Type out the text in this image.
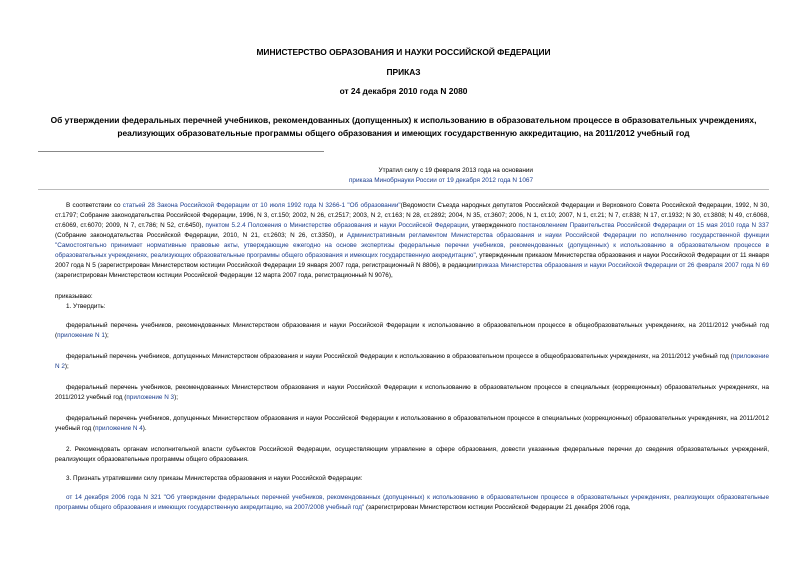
МИНИСТЕРСТВО ОБРАЗОВАНИЯ И НАУКИ РОССИЙСКОЙ ФЕДЕРАЦИИ
ПРИКАЗ
от 24 декабря 2010 года N 2080
Об утверждении федеральных перечней учебников, рекомендованных (допущенных) к использованию в образовательном процессе в образовательных учреждениях, реализующих образовательные программы общего образования и имеющих государственную аккредитацию, на 2011/2012 учебный год
Утратил силу с 19 февраля 2013 года на основании
приказа Минобрнауки России от 19 декабря 2012 года N 1067

В соответствии со статьей 28 Закона Российской Федерации от 10 июля 1992 года N 3266-1 "Об образовании"(Ведомости Съезда народных депутатов Российской Федерации и Верховного Совета Российской Федерации, 1992, N 30, ст.1797; Собрание законодательства Российской Федерации, 1996, N 3, ст.150; 2002, N 26, ст.2517; 2003, N 2, ст.163; N 28, ст.2892; 2004, N 35, ст.3607; 2006, N 1, ст.10; 2007, N 1, ст.21; N 7, ст.838; N 17, ст.1932; N 30, ст.3808; N 49, ст.6068, ст.6069, ст.6070; 2009, N 7, ст.786; N 52, ст.6450), пунктом 5.2.4 Положения о Министерстве образования и науки Российской Федерации, утвержденного постановлением Правительства Российской Федерации от 15 мая 2010 года N 337 (Собрание законодательства Российской Федерации, 2010, N 21, ст.2603; N 26, ст.3350), и Административным регламентом Министерства образования и науки Российской Федерации по исполнению государственной функции "Самостоятельно принимает нормативные правовые акты, утверждающие ежегодно на основе экспертизы федеральные перечни учебников, рекомендованных (допущенных) к использованию в образовательном процессе в образовательных учреждениях, реализующих образовательные программы общего образования и имеющих государственную аккредитацию", утвержденным приказом Министерства образования и науки Российской Федерации от 11 января 2007 года N 5 (зарегистрирован Министерством юстиции Российской Федерации 19 января 2007 года, регистрационный N 8806), в редакцииприказа Министерства образования и науки Российской Федерации от 26 февраля 2007 года N 69 (зарегистрирован Министерством юстиции Российской Федерации 12 марта 2007 года, регистрационный N 9076),

приказываю:

1. Утвердить:

федеральный перечень учебников, рекомендованных Министерством образования и науки Российской Федерации к использованию в образовательном процессе в общеобразовательных учреждениях, на 2011/2012 учебный год (приложение N 1);

федеральный перечень учебников, допущенных Министерством образования и науки Российской Федерации к использованию в образовательном процессе в общеобразовательных учреждениях, на 2011/2012 учебный год (приложение N 2);

федеральный перечень учебников, рекомендованных Министерством образования и науки Российской Федерации к использованию в образовательном процессе в специальных (коррекционных) образовательных учреждениях, на 2011/2012 учебный год (приложение N 3);

федеральный перечень учебников, допущенных Министерством образования и науки Российской Федерации к использованию в образовательном процессе в специальных (коррекционных) образовательных учреждениях, на 2011/2012 учебный год (приложение N 4).

2. Рекомендовать органам исполнительной власти субъектов Российской Федерации, осуществляющим управление в сфере образования, довести указанные федеральные перечни до сведения образовательных учреждений, реализующих образовательные программы общего образования.

3. Признать утратившими силу приказы Министерства образования и науки Российской Федерации:

от 14 декабря 2006 года N 321 "Об утверждении федеральных перечней учебников, рекомендованных (допущенных) к использованию в образовательном процессе в образовательных учреждениях, реализующих образовательные программы общего образования и имеющих государственную аккредитацию, на 2007/2008 учебный год" (зарегистрирован Министерством юстиции Российской Федерации 21 декабря 2006 года,
